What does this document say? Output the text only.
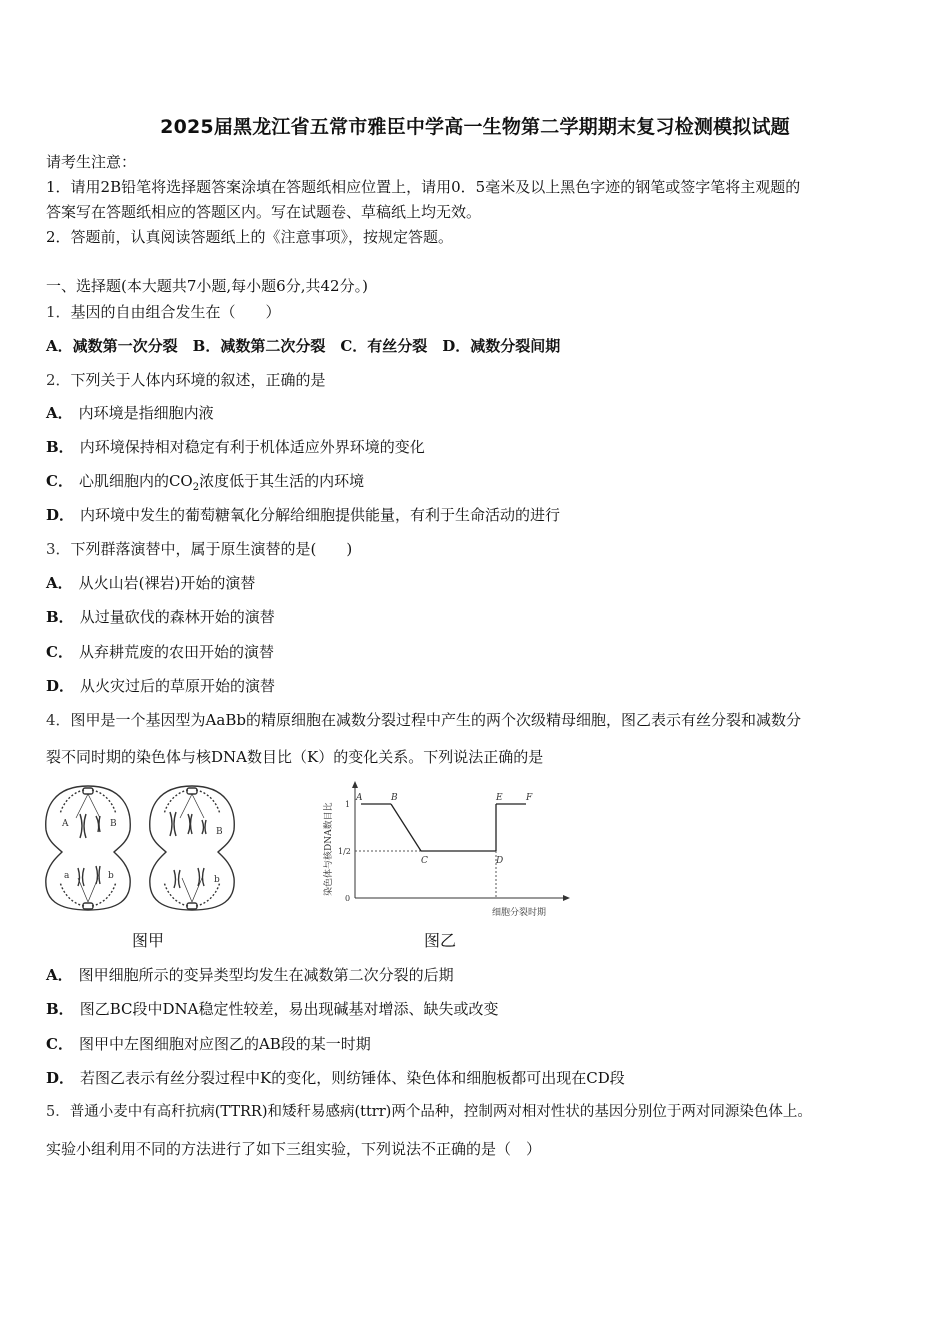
2025届黑龙江省五常市雅臣中学高一生物第二学期期末复习检测模拟试题
请考生注意：
1．请用2B铅笔将选择题答案涂填在答题纸相应位置上，请用0．5毫米及以上黑色字迹的钢笔或签字笔将主观题的
答案写在答题纸相应的答题区内。写在试题卷、草稿纸上均无效。
2．答题前，认真阅读答题纸上的《注意事项》，按规定答题。
一、选择题(本大题共7小题,每小题6分,共42分。)
1．基因的自由组合发生在（　　）
A．减数第一次分裂　B．减数第二次分裂　C．有丝分裂　D．减数分裂间期
2．下列关于人体内环境的叙述，正确的是
A． 内环境是指细胞内液
B． 内环境保持相对稳定有利于机体适应外界环境的变化
C． 心肌细胞内的$CO_2$浓度低于其生活的内环境
D． 内环境中发生的葡萄糖氧化分解给细胞提供能量，有利于生命活动的进行
3．下列群落演替中，属于原生演替的是(　　)
A． 从火山岩(裸岩)开始的演替
B． 从过量砍伐的森林开始的演替
C． 从弃耕荒废的农田开始的演替
D． 从火灾过后的草原开始的演替
4．图甲是一个基因型为AaBb的精原细胞在减数分裂过程中产生的两个次级精母细胞，图乙表示有丝分裂和减数分
裂不同时期的染色体与核DNA数目比（K）的变化关系。下列说法正确的是
A	B
a	b
B
b	染色体与核DNA数目比
细胞分裂时期
1
1/2
0
A	B
C	D
E	F
图甲	图乙
A． 图甲细胞所示的变异类型均发生在减数第二次分裂的后期
B． 图乙BC段中DNA稳定性较差，易出现碱基对增添、缺失或改变
C． 图甲中左图细胞对应图乙的AB段的某一时期
D． 若图乙表示有丝分裂过程中K的变化，则纺锤体、染色体和细胞板都可出现在CD段
5．普通小麦中有高秆抗病(TTRR)和矮秆易感病(ttrr)两个品种，控制两对相对性状的基因分别位于两对同源染色体上。
实验小组利用不同的方法进行了如下三组实验，下列说法不正确的是（　）
